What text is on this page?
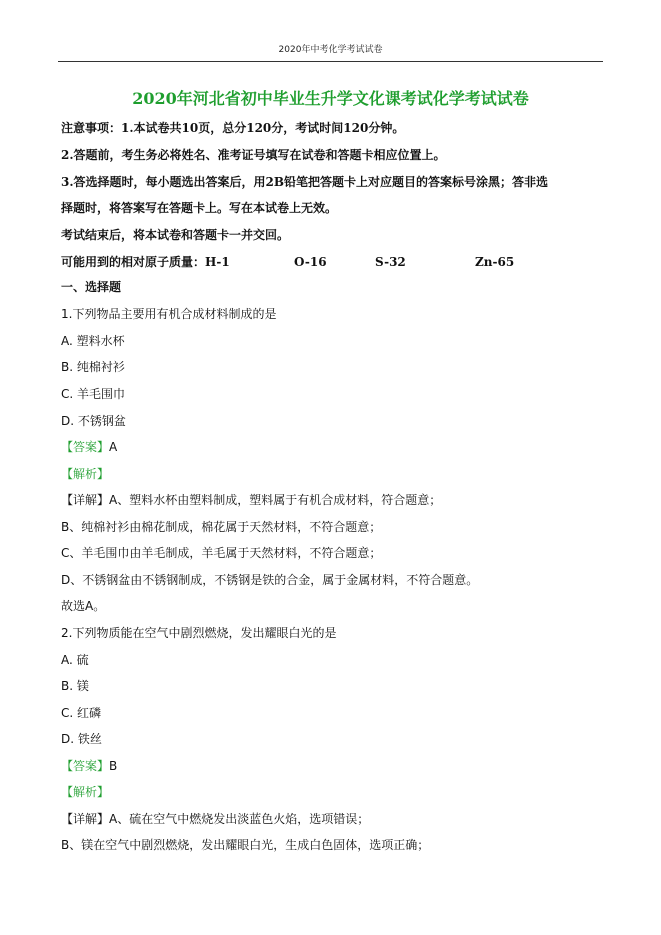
2020年中考化学考试试卷
2020年河北省初中毕业生升学文化课考试化学考试试卷
注意事项：1.本试卷共10页，总分120分，考试时间120分钟。
2.答题前，考生务必将姓名、准考证号填写在试卷和答题卡相应位置上。
3.答选择题时，每小题选出答案后，用2B铅笔把答题卡上对应题目的答案标号涂黑；答非选
择题时，将答案写在答题卡上。写在本试卷上无效。
考试结束后，将本试卷和答题卡一并交回。
可能用到的相对原子质量：H-1	O-16	S-32	Zn-65
一、选择题
1.下列物品主要用有机合成材料制成的是
A. 塑料水杯
B. 纯棉衬衫
C. 羊毛围巾
D. 不锈钢盆
【答案】A
【解析】
【详解】A、塑料水杯由塑料制成，塑料属于有机合成材料，符合题意；
B、纯棉衬衫由棉花制成，棉花属于天然材料，不符合题意；
C、羊毛围巾由羊毛制成，羊毛属于天然材料，不符合题意；
D、不锈钢盆由不锈钢制成，不锈钢是铁的合金，属于金属材料，不符合题意。
故选A。
2.下列物质能在空气中剧烈燃烧，发出耀眼白光的是
A. 硫
B. 镁
C. 红磷
D. 铁丝
【答案】B
【解析】
【详解】A、硫在空气中燃烧发出淡蓝色火焰，选项错误；
B、镁在空气中剧烈燃烧，发出耀眼白光，生成白色固体，选项正确；
